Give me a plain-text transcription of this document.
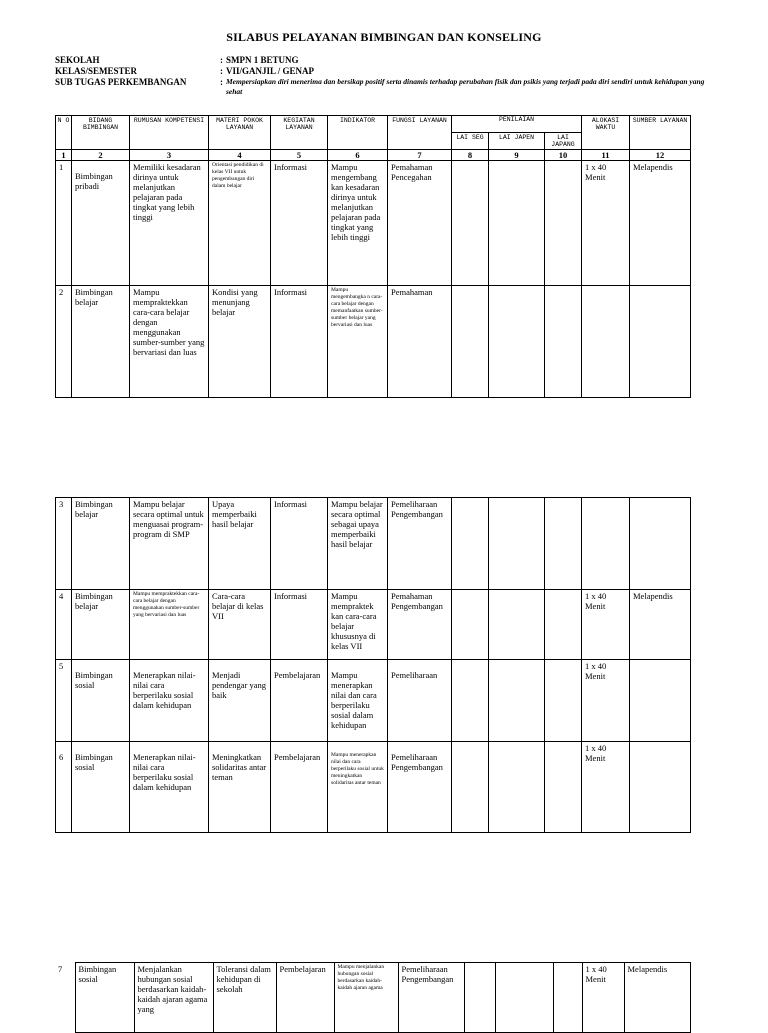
SILABUS PELAYANAN BIMBINGAN DAN KONSELING
SEKOLAH	: SMPN 1 BETUNG
KELAS/SEMESTER	: VII/GANJIL / GENAP
SUB TUGAS PERKEMBANGAN	: Mempersiapkan diri menerima dan bersikap positif serta dinamis terhadap perubahan fisik dan psikis yang terjadi pada diri sendiri untuk kehidupan yang sehat
N O	BIDANG BIMBINGAN	RUMUSAN KOMPETENSI	MATERI POKOK LAYANAN	KEGIATAN LAYANAN	INDIKATOR	FUNGSI LAYANAN	PENILAIAN			ALOKASI WAKTU	SUMBER LAYANAN
							LAI SEG	LAI JAPEN	LAI JAPANG		
1	2	3	4	5	6	7	8	9	10	11	12
1	Bimbingan pribadi	Memiliki kesadaran dirinya untuk melanjutkan pelajaran pada tingkat yang lebih tinggi	Orientasi pendidikan di kelas VII untuk pengembangan diri dalam belajar	Informasi	Mampu mengembang kan kesadaran dirinya untuk melanjutkan pelajaran pada tingkat yang lebih tinggi	Pemahaman Pencegahan				1 x 40 Menit	Melapendis
2	Bimbingan belajar	Mampu mempraktekkan cara-cara belajar dengan menggunakan sumber-sumber yang bervariasi dan luas	Kondisi yang menunjang belajar	Informasi	Mampu mengembangka n cara-cara belajar dengan memanfaatkan sumber-sumber belajar yang bervariasi dan luas	Pemahaman					
3	Bimbingan belajar	Mampu belajar secara optimal untuk menguasai program-program di SMP	Upaya memperbaiki hasil belajar	Informasi	Mampu belajar secara optimal sebagai upaya memperbaiki hasil belajar	Pemeliharaan Pengembangan					
4	Bimbingan belajar	Mampu mempraktekkan cara-cara belajar dengan menggunakan sumber-sumber yang bervariasi dan luas	Cara-cara belajar di kelas VII	Informasi	Mampu mempraktek kan cara-cara belajar khususnya di kelas VII	Pemahaman Pengembangan				1 x 40 Menit	Melapendis
5	Bimbingan sosial	Menerapkan nilai-nilai cara berperilaku sosial dalam kehidupan	Menjadi pendengar yang baik	Pembelajaran	Mampu menerapkan nilai dan cara berperilaku sosial dalam kehidupan	Pemeliharaan				1 x 40 Menit	
6	Bimbingan sosial	Menerapkan nilai-nilai cara berperilaku sosial dalam kehidupan	Meningkatkan solidaritas antar teman	Pembelajaran	Mampu menerapkan nilai dan cara berperilaku sosial untuk meningkatkan solidaritas antar teman	Pemeliharaan Pengembangan				1 x 40 Menit	

7 Bimbingan sosial	Menjalankan hubungan sosial berdasarkan kaidah-kaidah ajaran agama yang	Toleransi dalam kehidupan di sekolah	Pembelajaran	Mampu menjalankan hubungan sosial berdasarkan kaidah-kaidah ajaran agama	Pemeliharaan Pengembangan				1 x 40 Menit	Melapendis
